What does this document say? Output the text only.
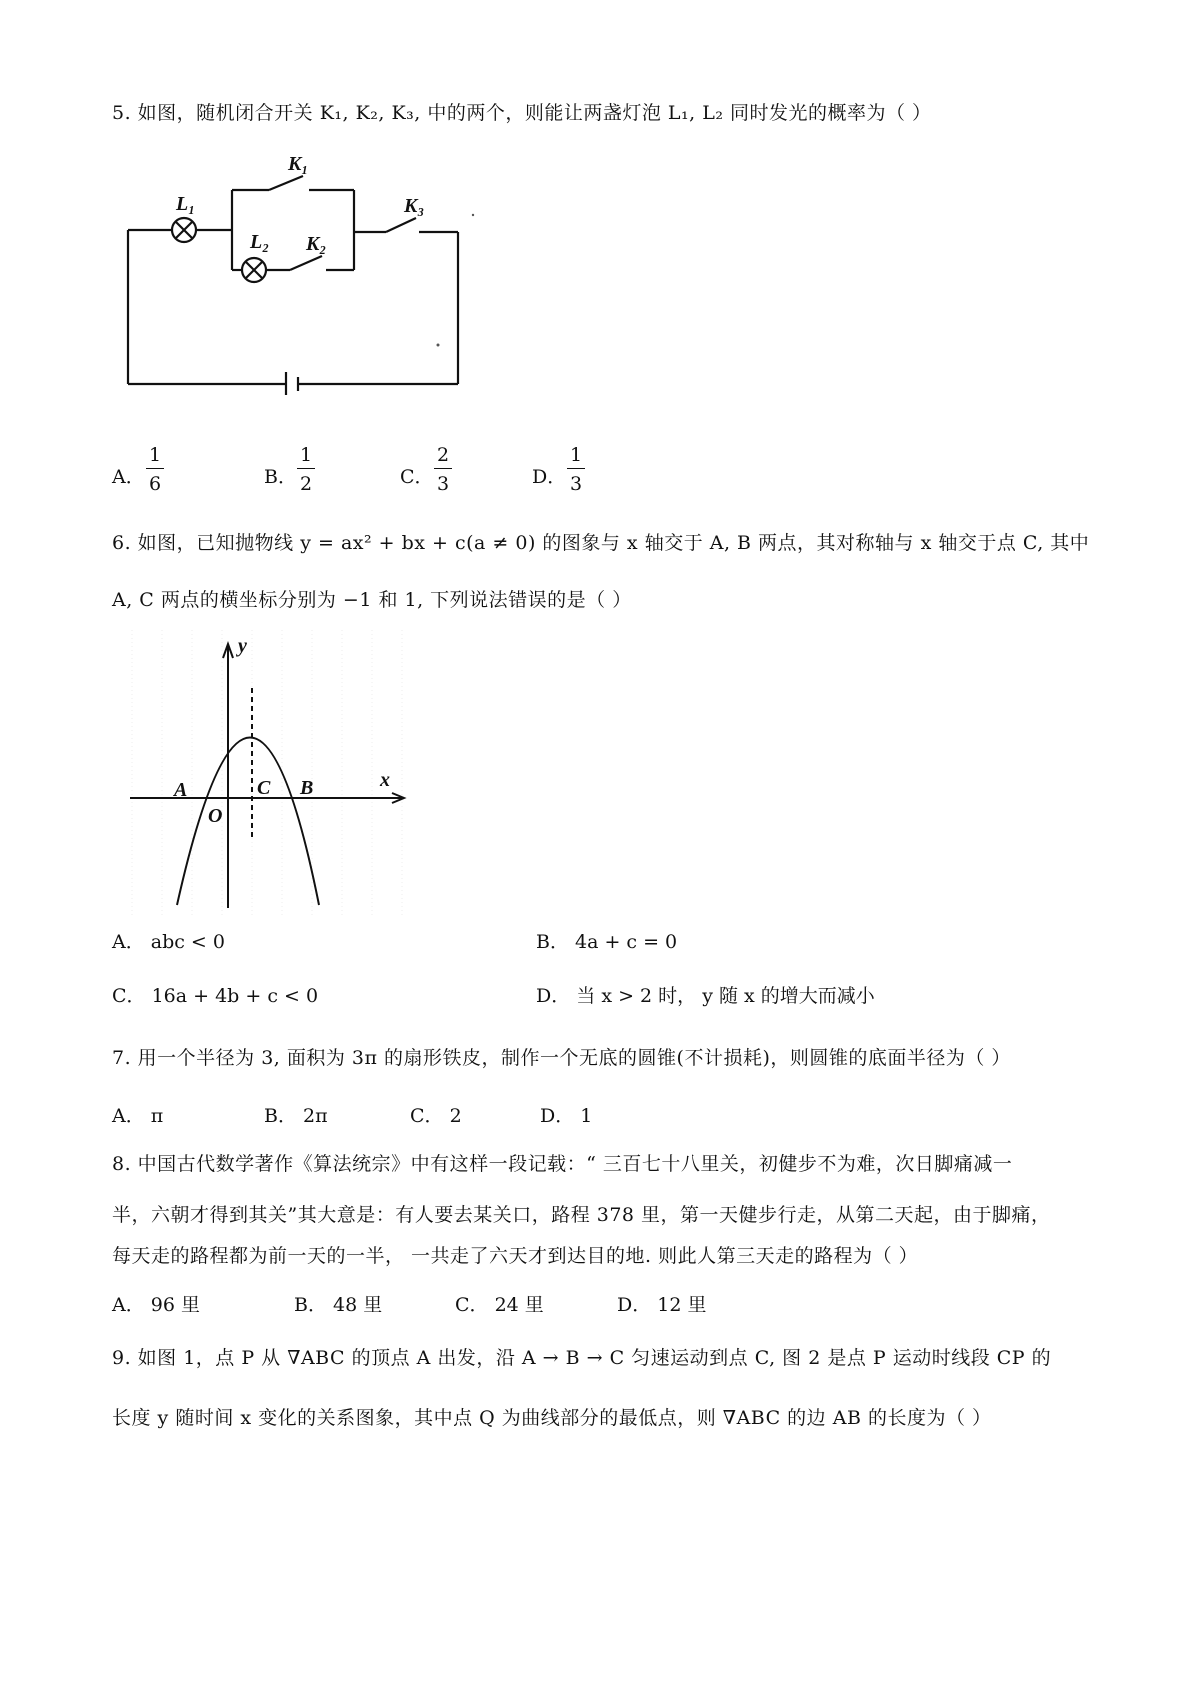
5. 如图，随机闭合开关 K₁, K₂, K₃, 中的两个，则能让两盏灯泡 L₁, L₂ 同时发光的概率为（ ）
L₁
L₂
K₁
K₂
K₃
A． $\frac{1}{6}$	B． $\frac{1}{2}$	C． $\frac{2}{3}$	D． $\frac{1}{3}$
6. 如图，已知抛物线 y = ax² + bx + c(a ≠ 0) 的图象与 x 轴交于 A, B 两点，其对称轴与 x 轴交于点 C, 其中
A, C 两点的横坐标分别为 −1 和 1, 下列说法错误的是（ ）
y
x
A
O
C B
A． abc < 0	B． 4a + c = 0
C． 16a + 4b + c < 0	D． 当 x > 2 时， y 随 x 的增大而减小
7. 用一个半径为 3, 面积为 3π 的扇形铁皮，制作一个无底的圆锥(不计损耗)，则圆锥的底面半径为（ ）
A． π	B． 2π	C． 2	D． 1
8. 中国古代数学著作《算法统宗》中有这样一段记载：“ 三百七十八里关，初健步不为难，次日脚痛减一
半，六朝才得到其关”其大意是：有人要去某关口，路程 378 里，第一天健步行走，从第二天起，由于脚痛，
每天走的路程都为前一天的一半， 一共走了六天才到达目的地. 则此人第三天走的路程为（ ）
A． 96 里	B． 48 里	C． 24 里	D． 12 里
9. 如图 1，点 P 从 ∇ABC 的顶点 A 出发，沿 A → B → C 匀速运动到点 C, 图 2 是点 P 运动时线段 CP 的
长度 y 随时间 x 变化的关系图象，其中点 Q 为曲线部分的最低点，则 ∇ABC 的边 AB 的长度为（ ）
